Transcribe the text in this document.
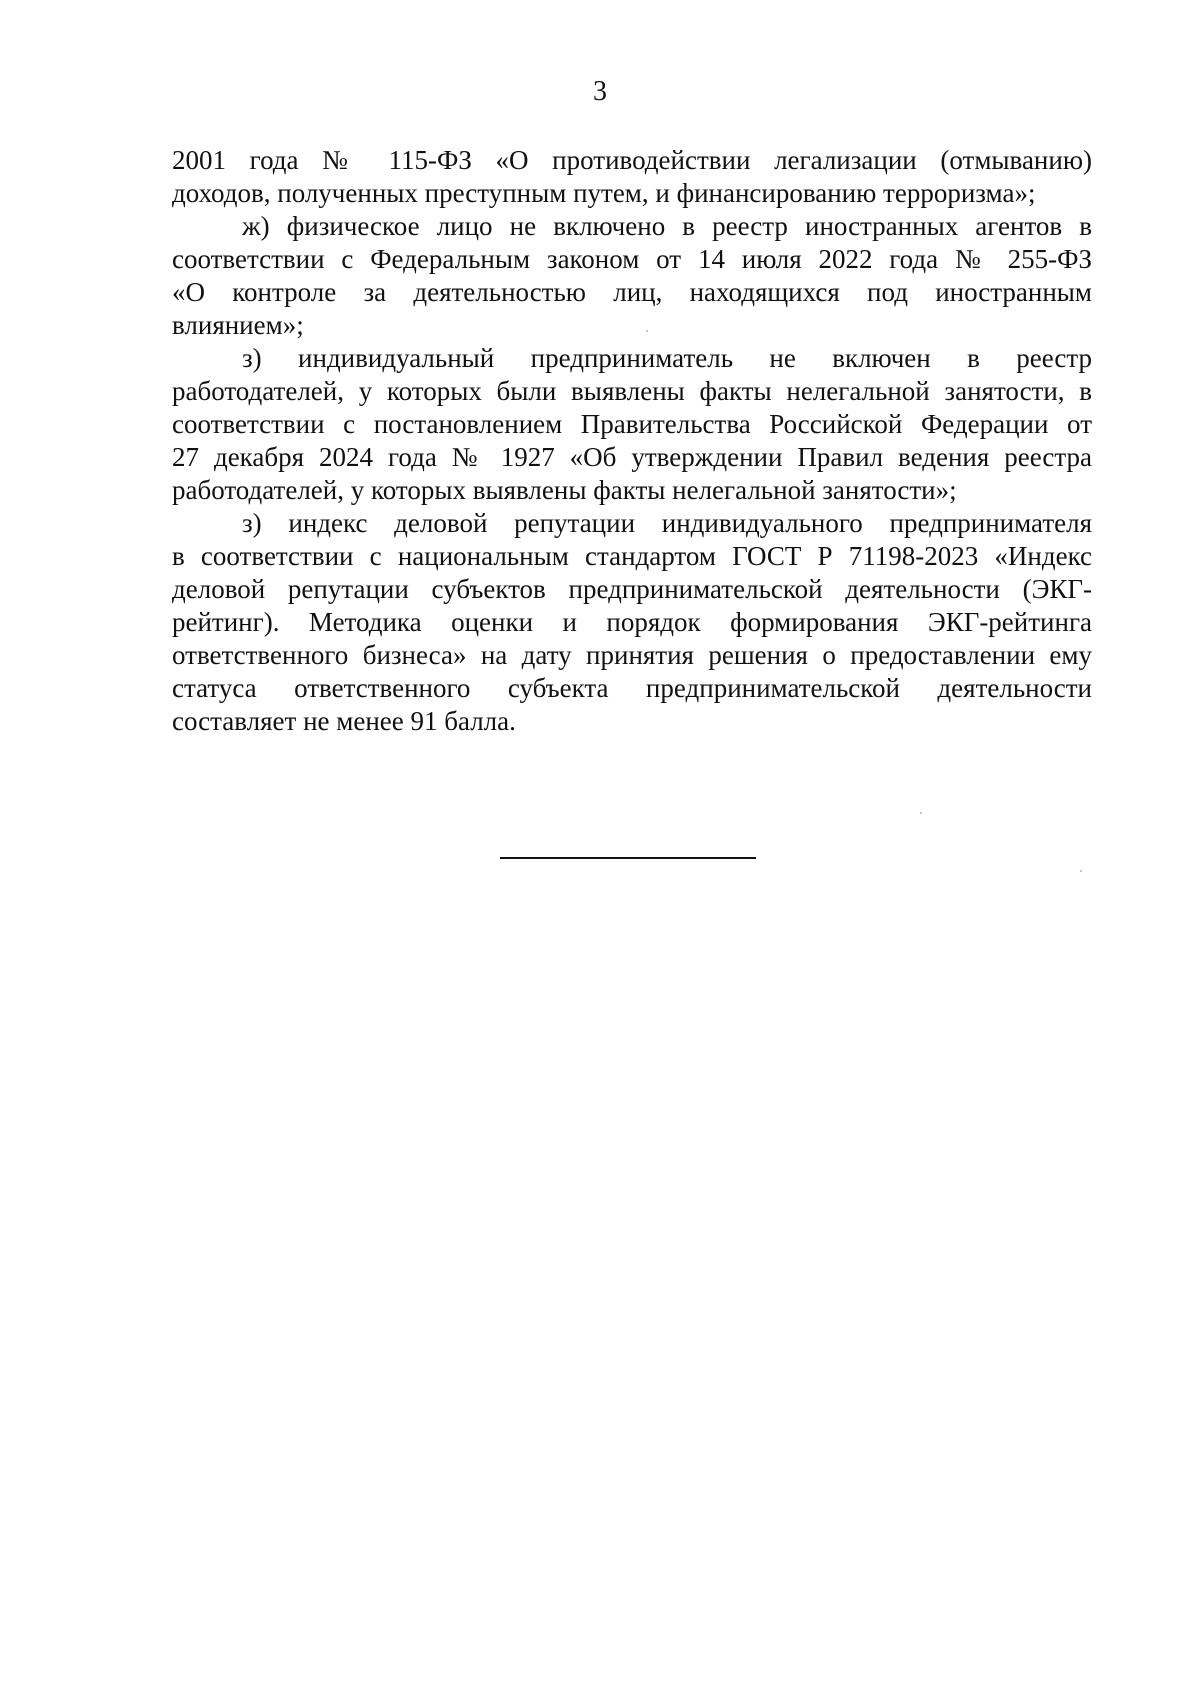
3
2001 года № 115-ФЗ «О противодействии легализации (отмыванию)
доходов, полученных преступным путем, и финансированию терроризма»;
ж) физическое лицо не включено в реестр иностранных агентов в
соответствии с Федеральным законом от 14 июля 2022 года № 255-ФЗ
«О контроле за деятельностью лиц, находящихся под иностранным
влиянием»;
з) индивидуальный предприниматель не включен в реестр
работодателей, у которых были выявлены факты нелегальной занятости, в
соответствии с постановлением Правительства Российской Федерации от
27 декабря 2024 года № 1927 «Об утверждении Правил ведения реестра
работодателей, у которых выявлены факты нелегальной занятости»;
з) индекс деловой репутации индивидуального предпринимателя
в соответствии с национальным стандартом ГОСТ Р 71198-2023 «Индекс
деловой репутации субъектов предпринимательской деятельности (ЭКГ-
рейтинг). Методика оценки и порядок формирования ЭКГ-рейтинга
ответственного бизнеса» на дату принятия решения о предоставлении ему
статуса ответственного субъекта предпринимательской деятельности
составляет не менее 91 балла.
